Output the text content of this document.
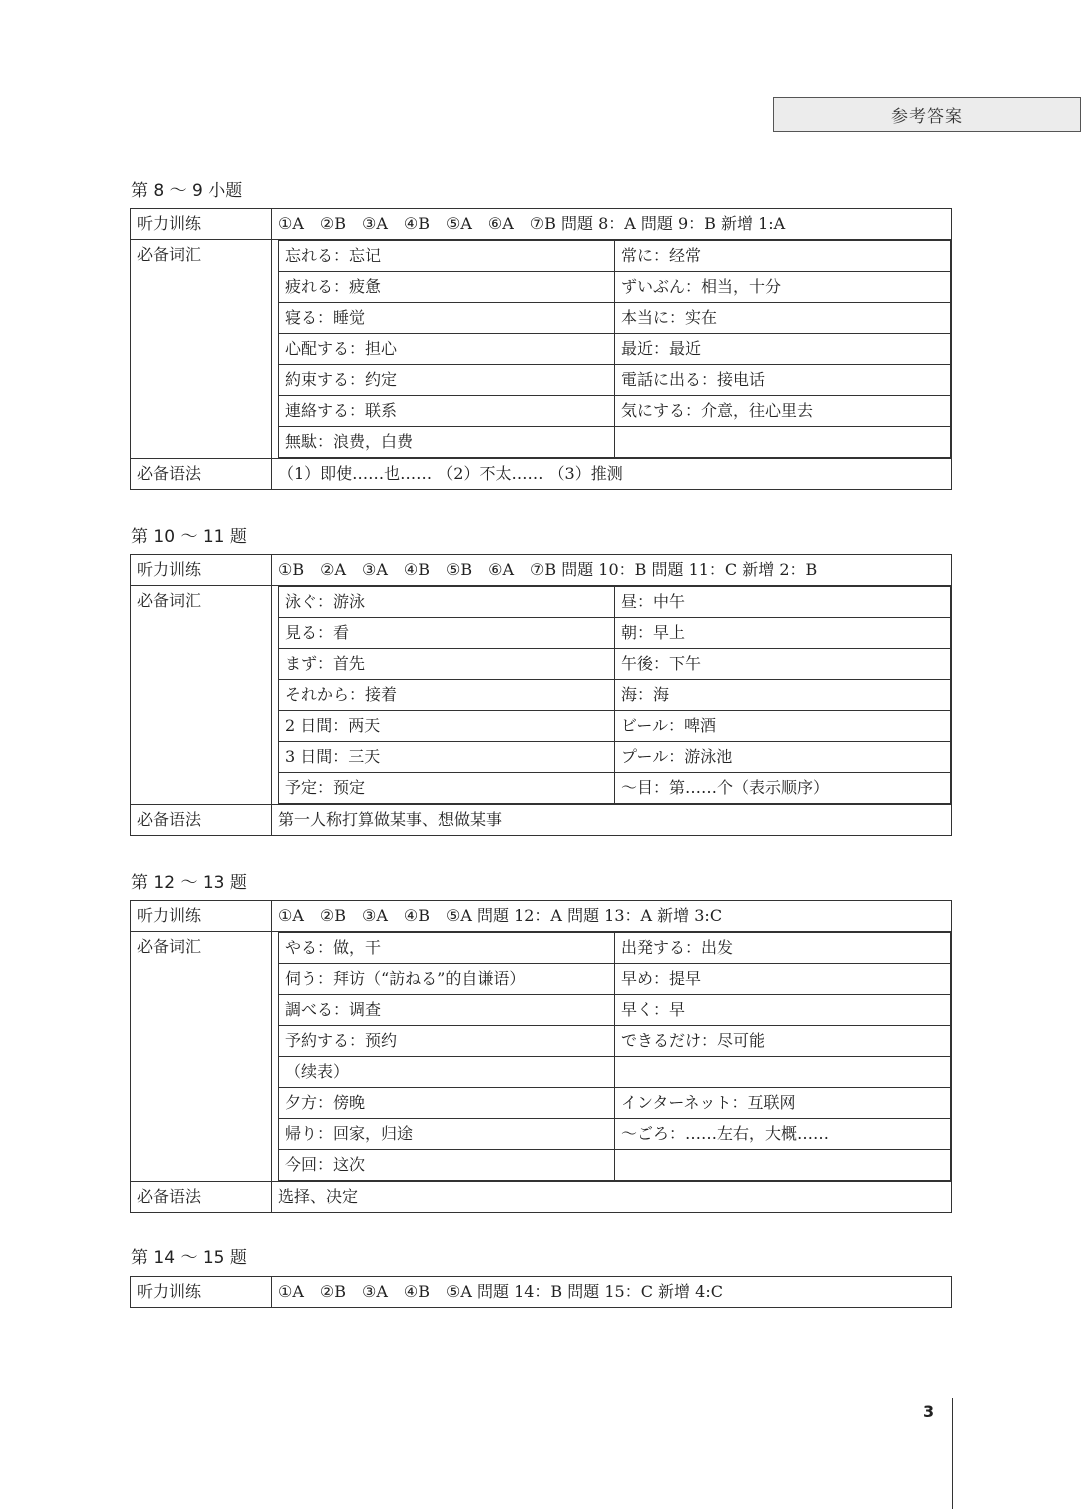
参考答案
第 8 ～ 9 小题
听力训练	①A　②B　③A　④B　⑤A　⑥A　⑦B 問題 8：A 問題 9：B 新增 1:A
必备词汇		忘れる：忘记	常に：经常
疲れる：疲惫	ずいぶん：相当，十分
寝る：睡觉	本当に：实在
心配する：担心	最近：最近
約束する：约定	電話に出る：接电话
連絡する：联系	気にする：介意，往心里去
無駄：浪费，白费	

必备语法	（1）即使……也…… （2）不太…… （3）推测
第 10 ～ 11 题
听力训练	①B　②A　③A　④B　⑤B　⑥A　⑦B 問題 10：B 問題 11：C 新增 2：B
必备词汇		泳ぐ：游泳	昼：中午
見る：看	朝：早上
まず：首先	午後：下午
それから：接着	海：海
2 日間：两天	ビール：啤酒
3 日間：三天	プール：游泳池
予定：预定	～目：第……个（表示顺序）

必备语法	第一人称打算做某事、想做某事
第 12 ～ 13 题
听力训练	①A　②B　③A　④B　⑤A 問題 12：A 問題 13：A 新增 3:C
必备词汇		やる：做，干	出発する：出发
伺う：拜访（“訪ねる”的自谦语）	早め：提早
調べる：调查	早く：早
予約する：预约	できるだけ：尽可能
（续表）	
夕方：傍晚	インターネット：互联网
帰り：回家，归途	～ごろ：……左右，大概……
今回：这次	

必备语法	选择、决定
第 14 ～ 15 题
听力训练	①A　②B　③A　④B　⑤A 問題 14：B 問題 15：C 新增 4:C
3
